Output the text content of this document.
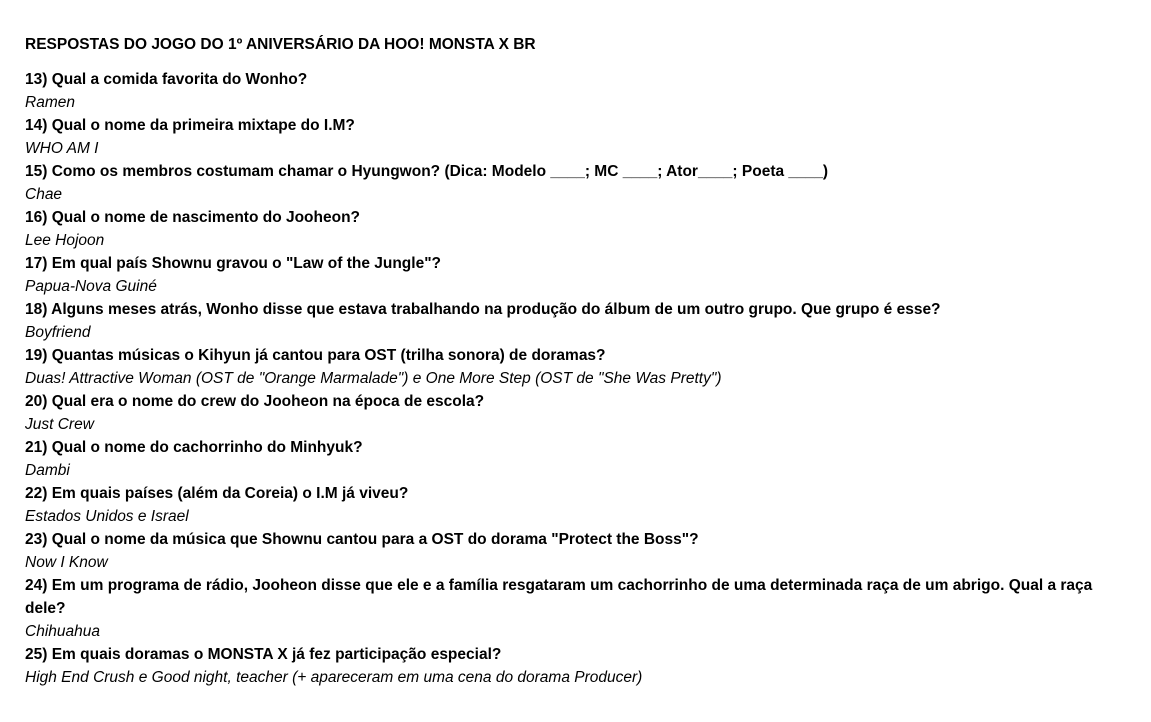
RESPOSTAS DO JOGO DO 1º ANIVERSÁRIO DA HOO! MONSTA X BR

13) Qual a comida favorita do Wonho?

Ramen

14) Qual o nome da primeira mixtape do I.M?

WHO AM I

15) Como os membros costumam chamar o Hyungwon? (Dica: Modelo ____; MC ____; Ator____; Poeta ____)

Chae

16) Qual o nome de nascimento do Jooheon?

Lee Hojoon

17) Em qual país Shownu gravou o "Law of the Jungle"?

Papua-Nova Guiné

18) Alguns meses atrás, Wonho disse que estava trabalhando na produção do álbum de um outro grupo. Que grupo é esse?

Boyfriend

19) Quantas músicas o Kihyun já cantou para OST (trilha sonora) de doramas?

Duas! Attractive Woman (OST de "Orange Marmalade") e One More Step (OST de "She Was Pretty")

20) Qual era o nome do crew do Jooheon na época de escola?

Just Crew

21) Qual o nome do cachorrinho do Minhyuk?

Dambi

22) Em quais países (além da Coreia) o I.M já viveu?

Estados Unidos e Israel

23) Qual o nome da música que Shownu cantou para a OST do dorama "Protect the Boss"?

Now I Know

24) Em um programa de rádio, Jooheon disse que ele e a família resgataram um cachorrinho de uma determinada raça de um abrigo. Qual a raça dele?

Chihuahua

25) Em quais doramas o MONSTA X já fez participação especial?

High End Crush e Good night, teacher (+ apareceram em uma cena do dorama Producer)
